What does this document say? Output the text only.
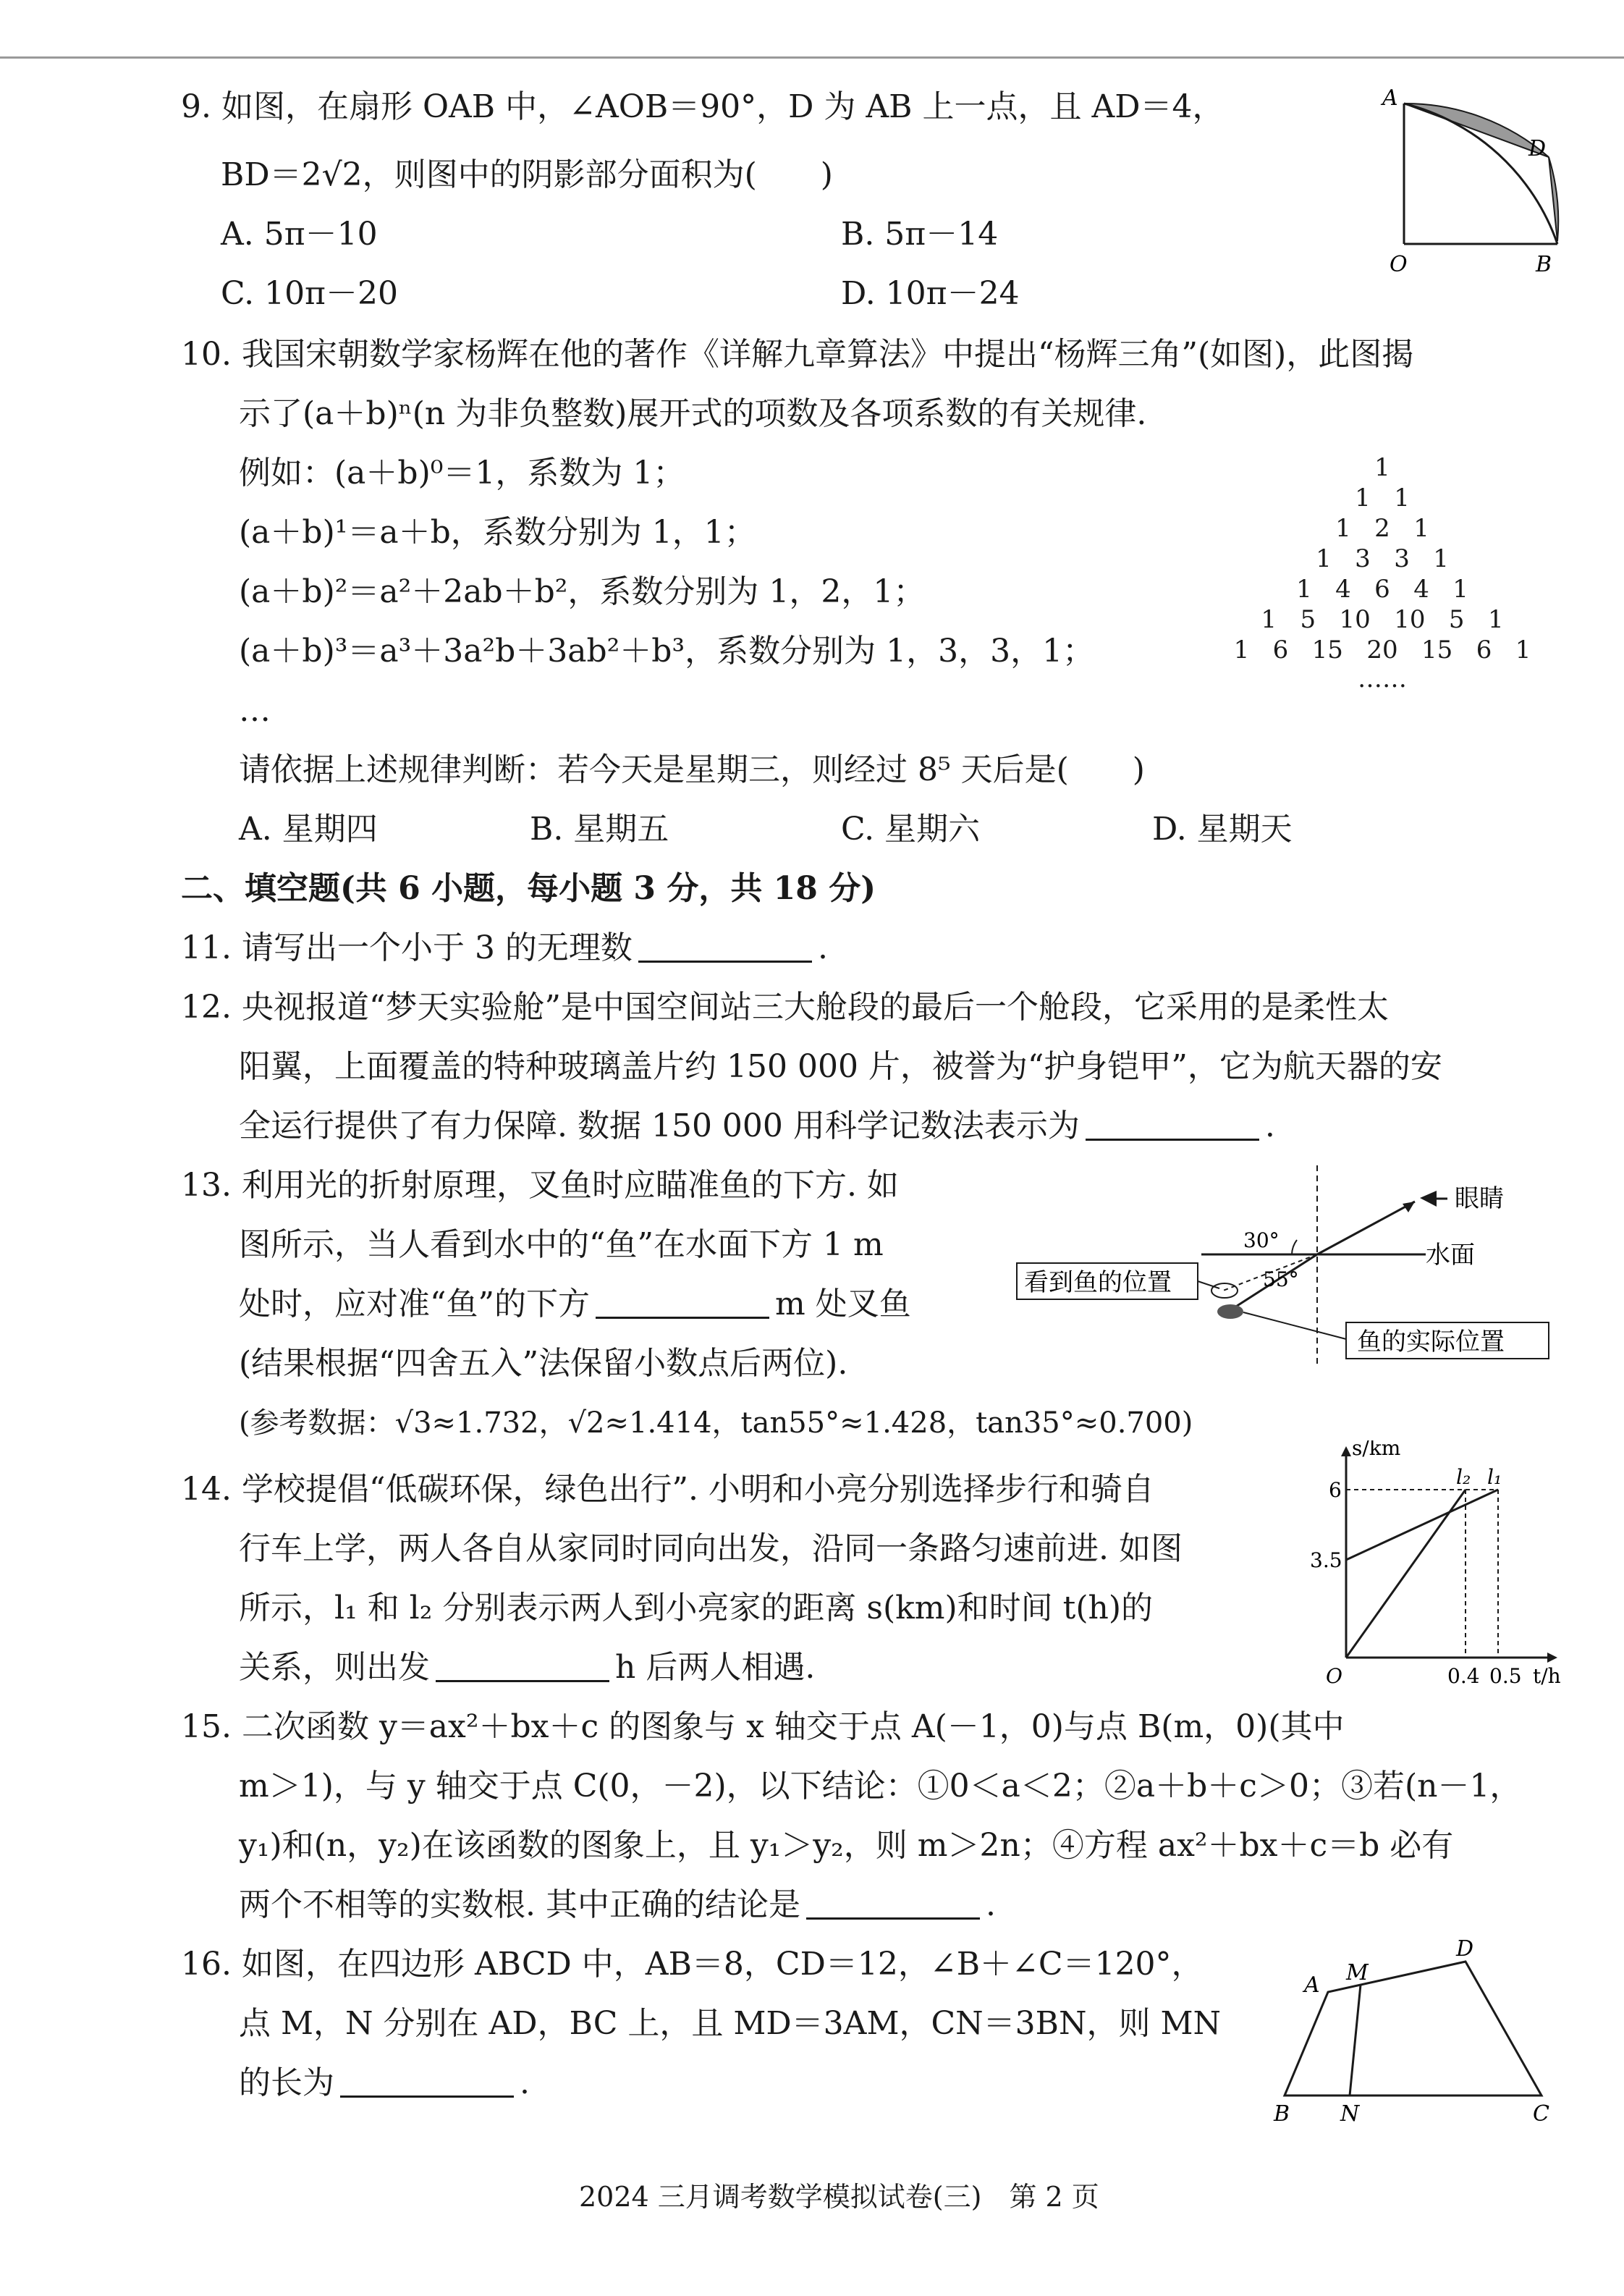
9. 如图，在扇形 OAB 中，∠AOB＝90°，D 为 AB 上一点，且 AD＝4，
BD＝2√2，则图中的阴影部分面积为(　　)
A. 5π－10	B. 5π－14
C. 10π－20	D. 10π－24
A
D
O	B
10. 我国宋朝数学家杨辉在他的著作《详解九章算法》中提出“杨辉三角”(如图)，此图揭
示了(a＋b)ⁿ(n 为非负整数)展开式的项数及各项系数的有关规律.
例如：(a＋b)⁰＝1，系数为 1；
(a＋b)¹＝a＋b，系数分别为 1，1；
(a＋b)²＝a²＋2ab＋b²，系数分别为 1，2，1；
(a＋b)³＝a³＋3a²b＋3ab²＋b³，系数分别为 1，3，3，1；
…
请依据上述规律判断：若今天是星期三，则经过 8⁵ 天后是(　　)
A. 星期四	B. 星期五	C. 星期六	D. 星期天
1
1   1
1   2   1
1   3   3   1
1   4   6   4   1
1   5   10   10   5   1
1   6   15   20   15   6   1
……
二、填空题(共 6 小题，每小题 3 分，共 18 分)
11. 请写出一个小于 3 的无理数	.
12. 央视报道“梦天实验舱”是中国空间站三大舱段的最后一个舱段，它采用的是柔性太
阳翼，上面覆盖的特种玻璃盖片约 150 000 片，被誉为“护身铠甲”，它为航天器的安
全运行提供了有力保障. 数据 150 000 用科学记数法表示为	.
13. 利用光的折射原理，叉鱼时应瞄准鱼的下方. 如
图所示，当人看到水中的“鱼”在水面下方 1 m
处时，应对准“鱼”的下方	m 处叉鱼
(结果根据“四舍五入”法保留小数点后两位).
(参考数据：√3≈1.732，√2≈1.414，tan55°≈1.428，tan35°≈0.700)
眼睛
水面
30°
55°
看到鱼的位置
鱼的实际位置
14. 学校提倡“低碳环保，绿色出行”. 小明和小亮分别选择步行和骑自
行车上学，两人各自从家同时同向出发，沿同一条路匀速前进. 如图
所示，l₁ 和 l₂ 分别表示两人到小亮家的距离 s(km)和时间 t(h)的
关系，则出发	h 后两人相遇.
s/km
t/h
O
6
3.5
0.4 0.5
l₂ l₁
15. 二次函数 y＝ax²＋bx＋c 的图象与 x 轴交于点 A(－1，0)与点 B(m，0)(其中
m＞1)，与 y 轴交于点 C(0，－2)，以下结论：①0＜a＜2；②a＋b＋c＞0；③若(n－1，
y₁)和(n，y₂)在该函数的图象上，且 y₁＞y₂，则 m＞2n；④方程 ax²＋bx＋c＝b 必有
两个不相等的实数根. 其中正确的结论是	.
16. 如图，在四边形 ABCD 中，AB＝8，CD＝12，∠B＋∠C＝120°，
点 M，N 分别在 AD，BC 上，且 MD＝3AM，CN＝3BN，则 MN
的长为	.
A M
D
B N	C
2024 三月调考数学模拟试卷(三)　第 2 页
